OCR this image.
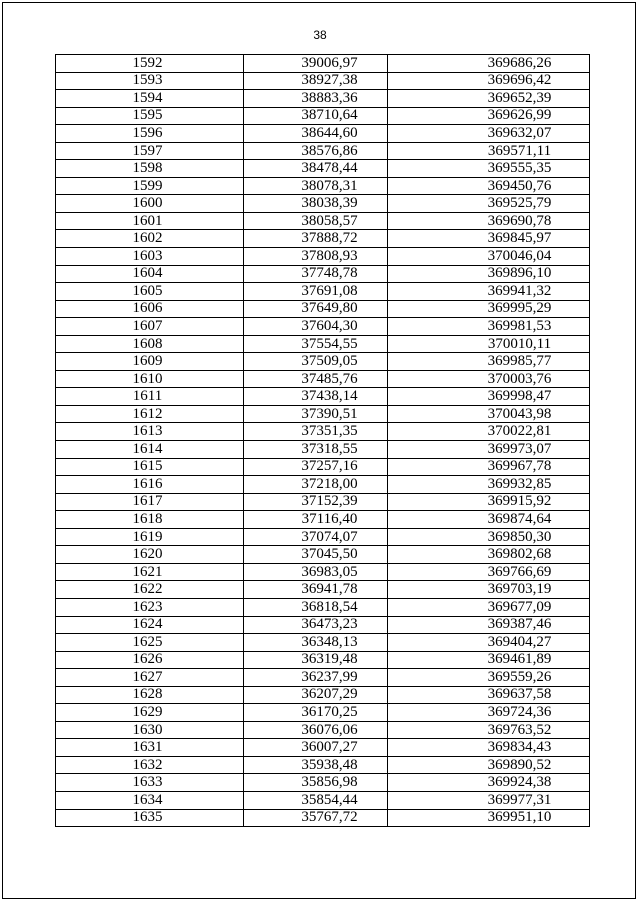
38
1592	39006,97	369686,26
1593	38927,38	369696,42
1594	38883,36	369652,39
1595	38710,64	369626,99
1596	38644,60	369632,07
1597	38576,86	369571,11
1598	38478,44	369555,35
1599	38078,31	369450,76
1600	38038,39	369525,79
1601	38058,57	369690,78
1602	37888,72	369845,97
1603	37808,93	370046,04
1604	37748,78	369896,10
1605	37691,08	369941,32
1606	37649,80	369995,29
1607	37604,30	369981,53
1608	37554,55	370010,11
1609	37509,05	369985,77
1610	37485,76	370003,76
1611	37438,14	369998,47
1612	37390,51	370043,98
1613	37351,35	370022,81
1614	37318,55	369973,07
1615	37257,16	369967,78
1616	37218,00	369932,85
1617	37152,39	369915,92
1618	37116,40	369874,64
1619	37074,07	369850,30
1620	37045,50	369802,68
1621	36983,05	369766,69
1622	36941,78	369703,19
1623	36818,54	369677,09
1624	36473,23	369387,46
1625	36348,13	369404,27
1626	36319,48	369461,89
1627	36237,99	369559,26
1628	36207,29	369637,58
1629	36170,25	369724,36
1630	36076,06	369763,52
1631	36007,27	369834,43
1632	35938,48	369890,52
1633	35856,98	369924,38
1634	35854,44	369977,31
1635	35767,72	369951,10
